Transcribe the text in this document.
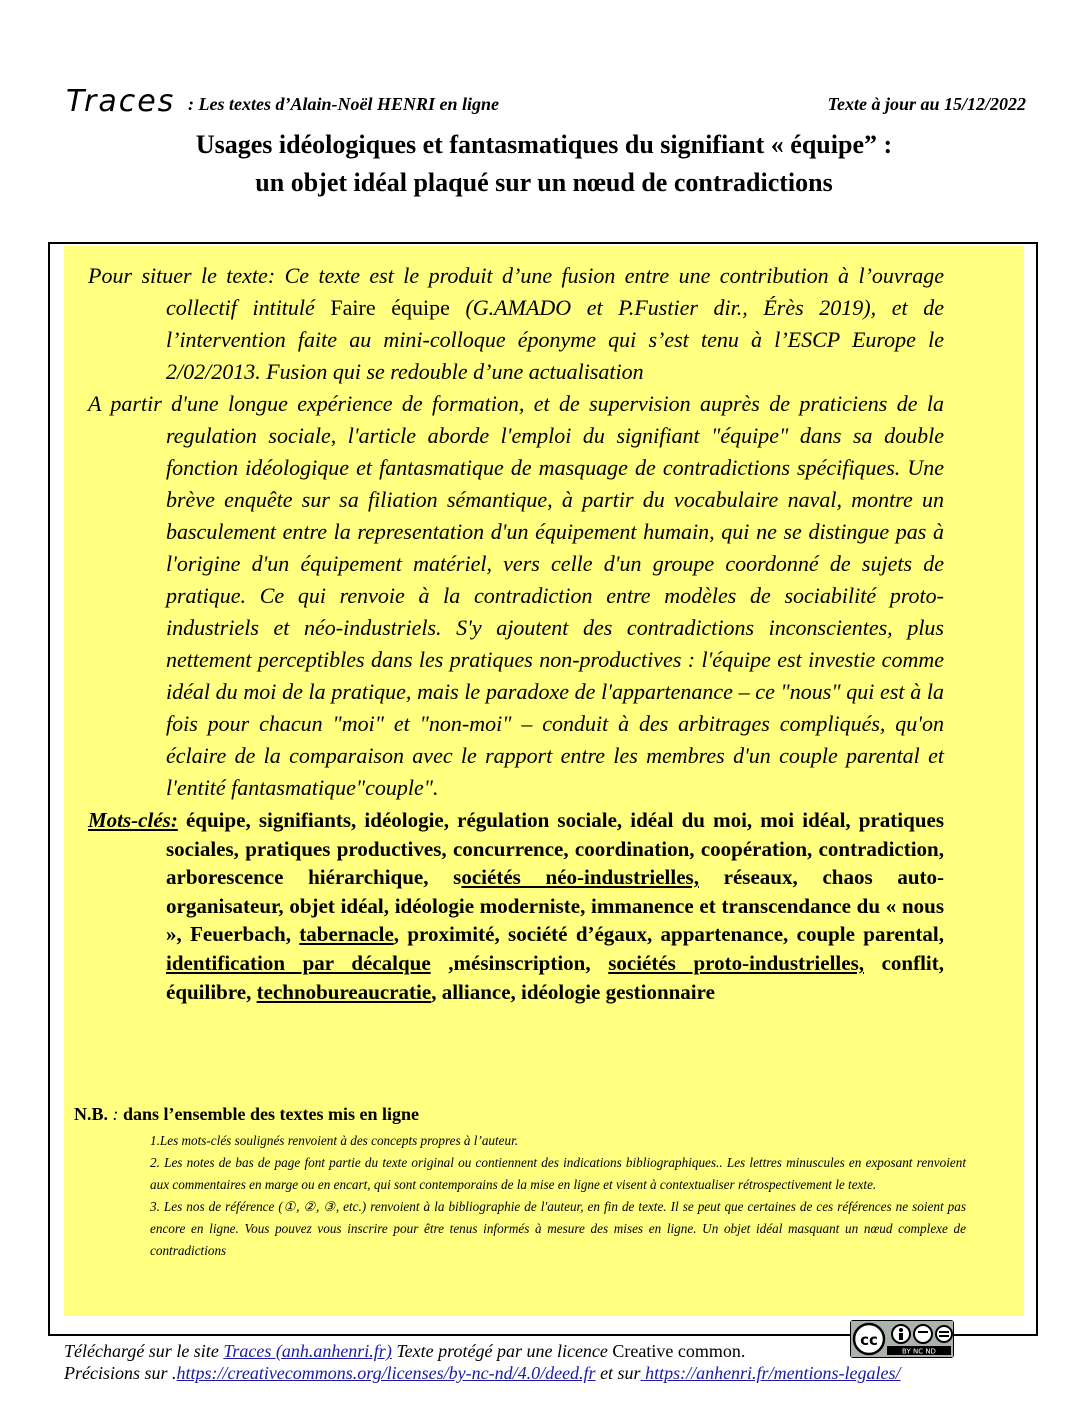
Traces : Les textes d’Alain-Noël HENRI en ligne	Texte à jour au 15/12/2022
Usages idéologiques et fantasmatiques du signifiant « équipe” :
un objet idéal plaqué sur un nœud de contradictions
Pour situer le texte: Ce texte est le produit d’une fusion entre une contribution à l’ouvrage collectif intitulé Faire équipe (G.AMADO et P.Fustier dir., Érès 2019), et de l’intervention faite au mini-colloque éponyme qui s’est tenu à l’ESCP Europe le 2/02/2013. Fusion qui se redouble d’une actualisation
A partir d'une longue expérience de formation, et de supervision auprès de praticiens de la regulation sociale, l'article aborde l'emploi du signifiant "équipe" dans sa double fonction idéologique et fantasmatique de masquage de contradictions spécifiques. Une brève enquête sur sa filiation sémantique, à partir du vocabulaire naval, montre un basculement entre la representation d'un équipement humain, qui ne se distingue pas à l'origine d'un équipement matériel, vers celle d'un groupe coordonné de sujets de pratique. Ce qui renvoie à la contradiction entre modèles de sociabilité proto-industriels et néo-industriels. S'y ajoutent des contradictions inconscientes, plus nettement perceptibles dans les pratiques non-productives : l'équipe est investie comme idéal du moi de la pratique, mais le paradoxe de l'appartenance – ce "nous" qui est à la fois pour chacun "moi" et "non-moi" – conduit à des arbitrages compliqués, qu'on éclaire de la comparaison avec le rapport entre les membres d'un couple parental et l'entité fantasmatique"couple".
Mots-clés: équipe, signifiants, idéologie, régulation sociale, idéal du moi, moi idéal, pratiques sociales, pratiques productives, concurrence, coordination, coopération, contradiction, arborescence hiérarchique, sociétés néo-industrielles, réseaux, chaos auto-organisateur, objet idéal, idéologie moderniste, immanence et transcendance du « nous », Feuerbach, tabernacle, proximité, société d’égaux, appartenance, couple parental, identification par décalque ,mésinscription, sociétés proto-industrielles, conflit, équilibre, technobureaucratie, alliance, idéologie gestionnaire
N.B. : dans l’ensemble des textes mis en ligne
1.Les mots-clés soulignés renvoient à des concepts propres à l’auteur.
2. Les notes de bas de page font partie du texte original ou contiennent des indications bibliographiques.. Les lettres minuscules en exposant renvoient aux commentaires en marge ou en encart, qui sont contemporains de la mise en ligne et visent à contextualiser rétrospectivement le texte.
3. Les nos de référence (①, ②, ③, etc.) renvoient à la bibliographie de l'auteur, en fin de texte. Il se peut que certaines de ces références ne soient pas encore en ligne. Vous pouvez vous inscrire pour être tenus informés à mesure des mises en ligne. Un objet idéal masquant un nœud complexe de contradictions
cc
BY NC ND
Téléchargé sur le site Traces (anh.anhenri.fr) Texte protégé par une licence Creative common.
Précisions sur .https://creativecommons.org/licenses/by-nc-nd/4.0/deed.fr et sur https://anhenri.fr/mentions-legales/
